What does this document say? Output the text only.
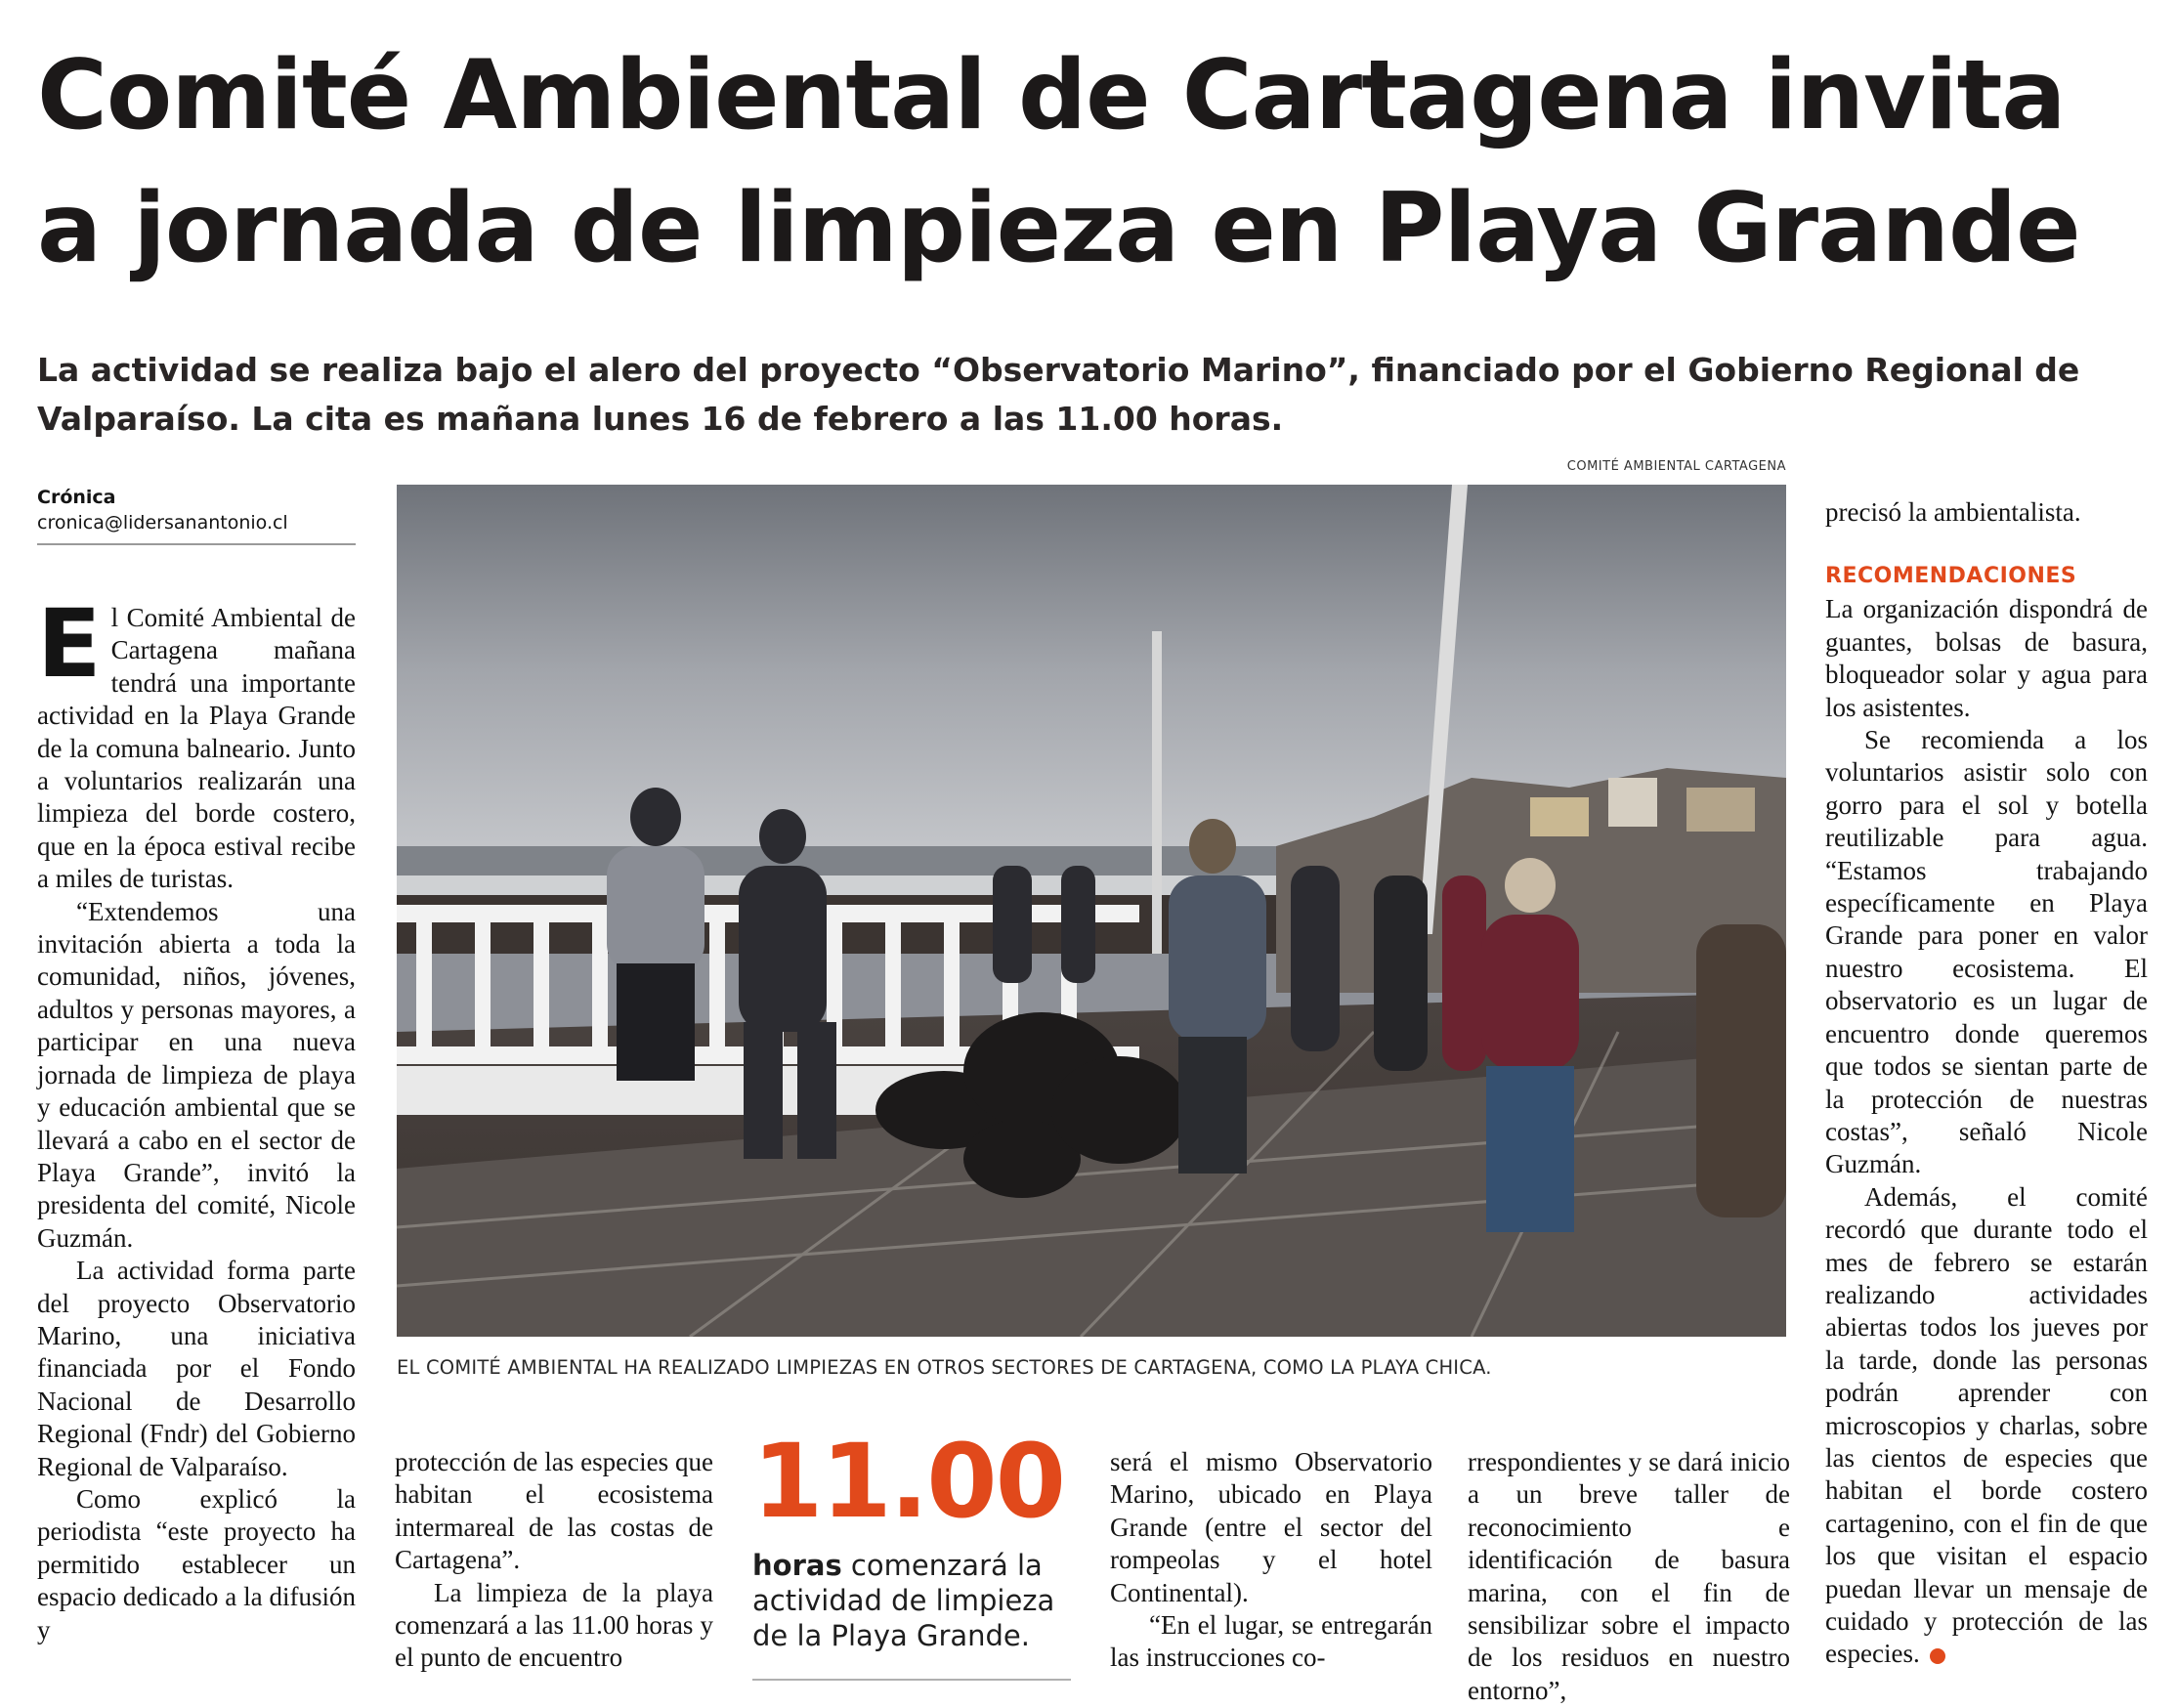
Comité Ambiental de Cartagena invita
a jornada de limpieza en Playa Grande

La actividad se realiza bajo el alero del proyecto “Observatorio Marino”, financiado por el Gobierno Regional de Valparaíso. La cita es mañana lunes 16 de febrero a las 11.00 horas.

COMITÉ AMBIENTAL CARTAGENA
Crónica
cronica@lidersanantonio.cl

El Comité Ambiental de Cartagena mañana tendrá una importante actividad en la Playa Grande de la comuna balneario. Junto a voluntarios realizarán una limpieza del borde costero, que en la época estival recibe a miles de turistas.

“Extendemos una invitación abierta a toda la comunidad, niños, jóvenes, adultos y personas mayores, a participar en una nueva jornada de limpieza de playa y educación ambiental que se llevará a cabo en el sector de Playa Grande”, invitó la presidenta del comité, Nicole Guzmán.

La actividad forma parte del proyecto Observatorio Marino, una iniciativa financiada por el Fondo Nacional de Desarrollo Regional (Fndr) del Gobierno Regional de Valparaíso.

Como explicó la periodista “este proyecto ha permitido establecer un espacio dedicado a la difusión y

EL COMITÉ AMBIENTAL HA REALIZADO LIMPIEZAS EN OTROS SECTORES DE CARTAGENA, COMO LA PLAYA CHICA.

protección de las especies que habitan el ecosistema intermareal de las costas de Cartagena”.

La limpieza de la playa comenzará a las 11.00 horas y el punto de encuentro

11.00
horas comenzará la actividad de limpieza de la Playa Grande.

será el mismo Observatorio Marino, ubicado en Playa Grande (entre el sector del rompeolas y el hotel Continental).

“En el lugar, se entregarán las instrucciones co-

rrespondientes y se dará inicio a un breve taller de reconocimiento e identificación de basura marina, con el fin de sensibilizar sobre el impacto de los residuos en nuestro entorno”,

precisó la ambientalista.

RECOMENDACIONES

La organización dispondrá de guantes, bolsas de basura, bloqueador solar y agua para los asistentes.

Se recomienda a los voluntarios asistir solo con gorro para el sol y botella reutilizable para agua. “Estamos trabajando específicamente en Playa Grande para poner en valor nuestro ecosistema. El observatorio es un lugar de encuentro donde queremos que todos se sientan parte de la protección de nuestras costas”, señaló Nicole Guzmán.

Además, el comité recordó que durante todo el mes de febrero se estarán realizando actividades abiertas todos los jueves por la tarde, donde las personas podrán aprender con microscopios y charlas, sobre las cientos de especies que habitan el borde costero cartagenino, con el fin de que los que visitan el espacio puedan llevar un mensaje de cuidado y protección de las especies.	✿
